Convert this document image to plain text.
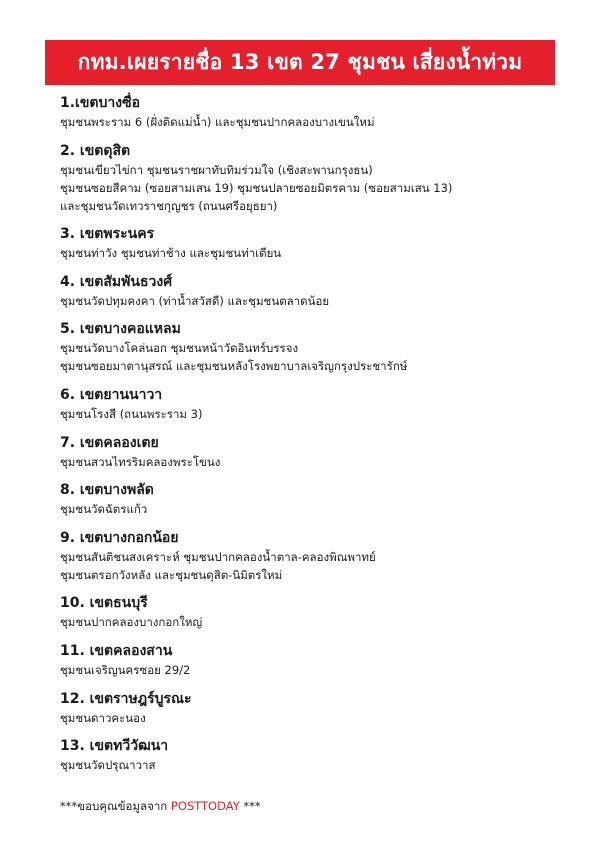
กทม.เผยรายชื่อ 13 เขต 27 ชุมชน เสี่ยงน้ำท่วม
1.เขตบางซื่อ
ชุมชนพระราม 6 (ฝั่งติดแม่น้ำ) และชุมชนปากคลองบางเขนใหม่
2. เขตดุสิต
ชุมชนเขียวไข่กา ชุมชนราชผาทับทิมร่วมใจ (เชิงสะพานกรุงธน)
ชุมชนซอยสีคาม (ซอยสามเสน 19) ชุมชนปลายซอยมิตรคาม (ซอยสามเสน 13)
และชุมชนวัดเทวราชกุญชร (ถนนศรีอยุธยา)
3. เขตพระนคร
ชุมชนท่าวัง ชุมชนท่าช้าง และชุมชนท่าเตียน
4. เขตสัมพันธวงศ์
ชุมชนวัดปทุมคงคา (ท่าน้ำสวัสดี) และชุมชนตลาดน้อย
5. เขตบางคอแหลม
ชุมชนวัดบางโคล่นอก ชุมชนหน้าวัดอินทร์บรรจง
ชุมชนซอยมาตานุสรณ์ และชุมชนหลังโรงพยาบาลเจริญกรุงประชารักษ์
6. เขตยานนาวา
ชุมชนโรงสี (ถนนพระราม 3)
7. เขตคลองเตย
ชุมชนสวนไทรริมคลองพระโขนง
8. เขตบางพลัด
ชุมชนวัดฉัตรแก้ว
9. เขตบางกอกน้อย
ชุมชนสันติชนสงเคราะห์ ชุมชนปากคลองน้ำตาล-คลองพิณพาทย์
ชุมชนตรอกวังหลัง และชุมชนดุสิต-นิมิตรใหม่
10. เขตธนบุรี
ชุมชนปากคลองบางกอกใหญ่
11. เขตคลองสาน
ชุมชนเจริญนครซอย 29/2
12. เขตราษฎร์บูรณะ
ชุมชนดาวคะนอง
13. เขตทวีวัฒนา
ชุมชนวัดปรุณาวาส
***ขอบคุณข้อมูลจาก POSTTODAY ***
